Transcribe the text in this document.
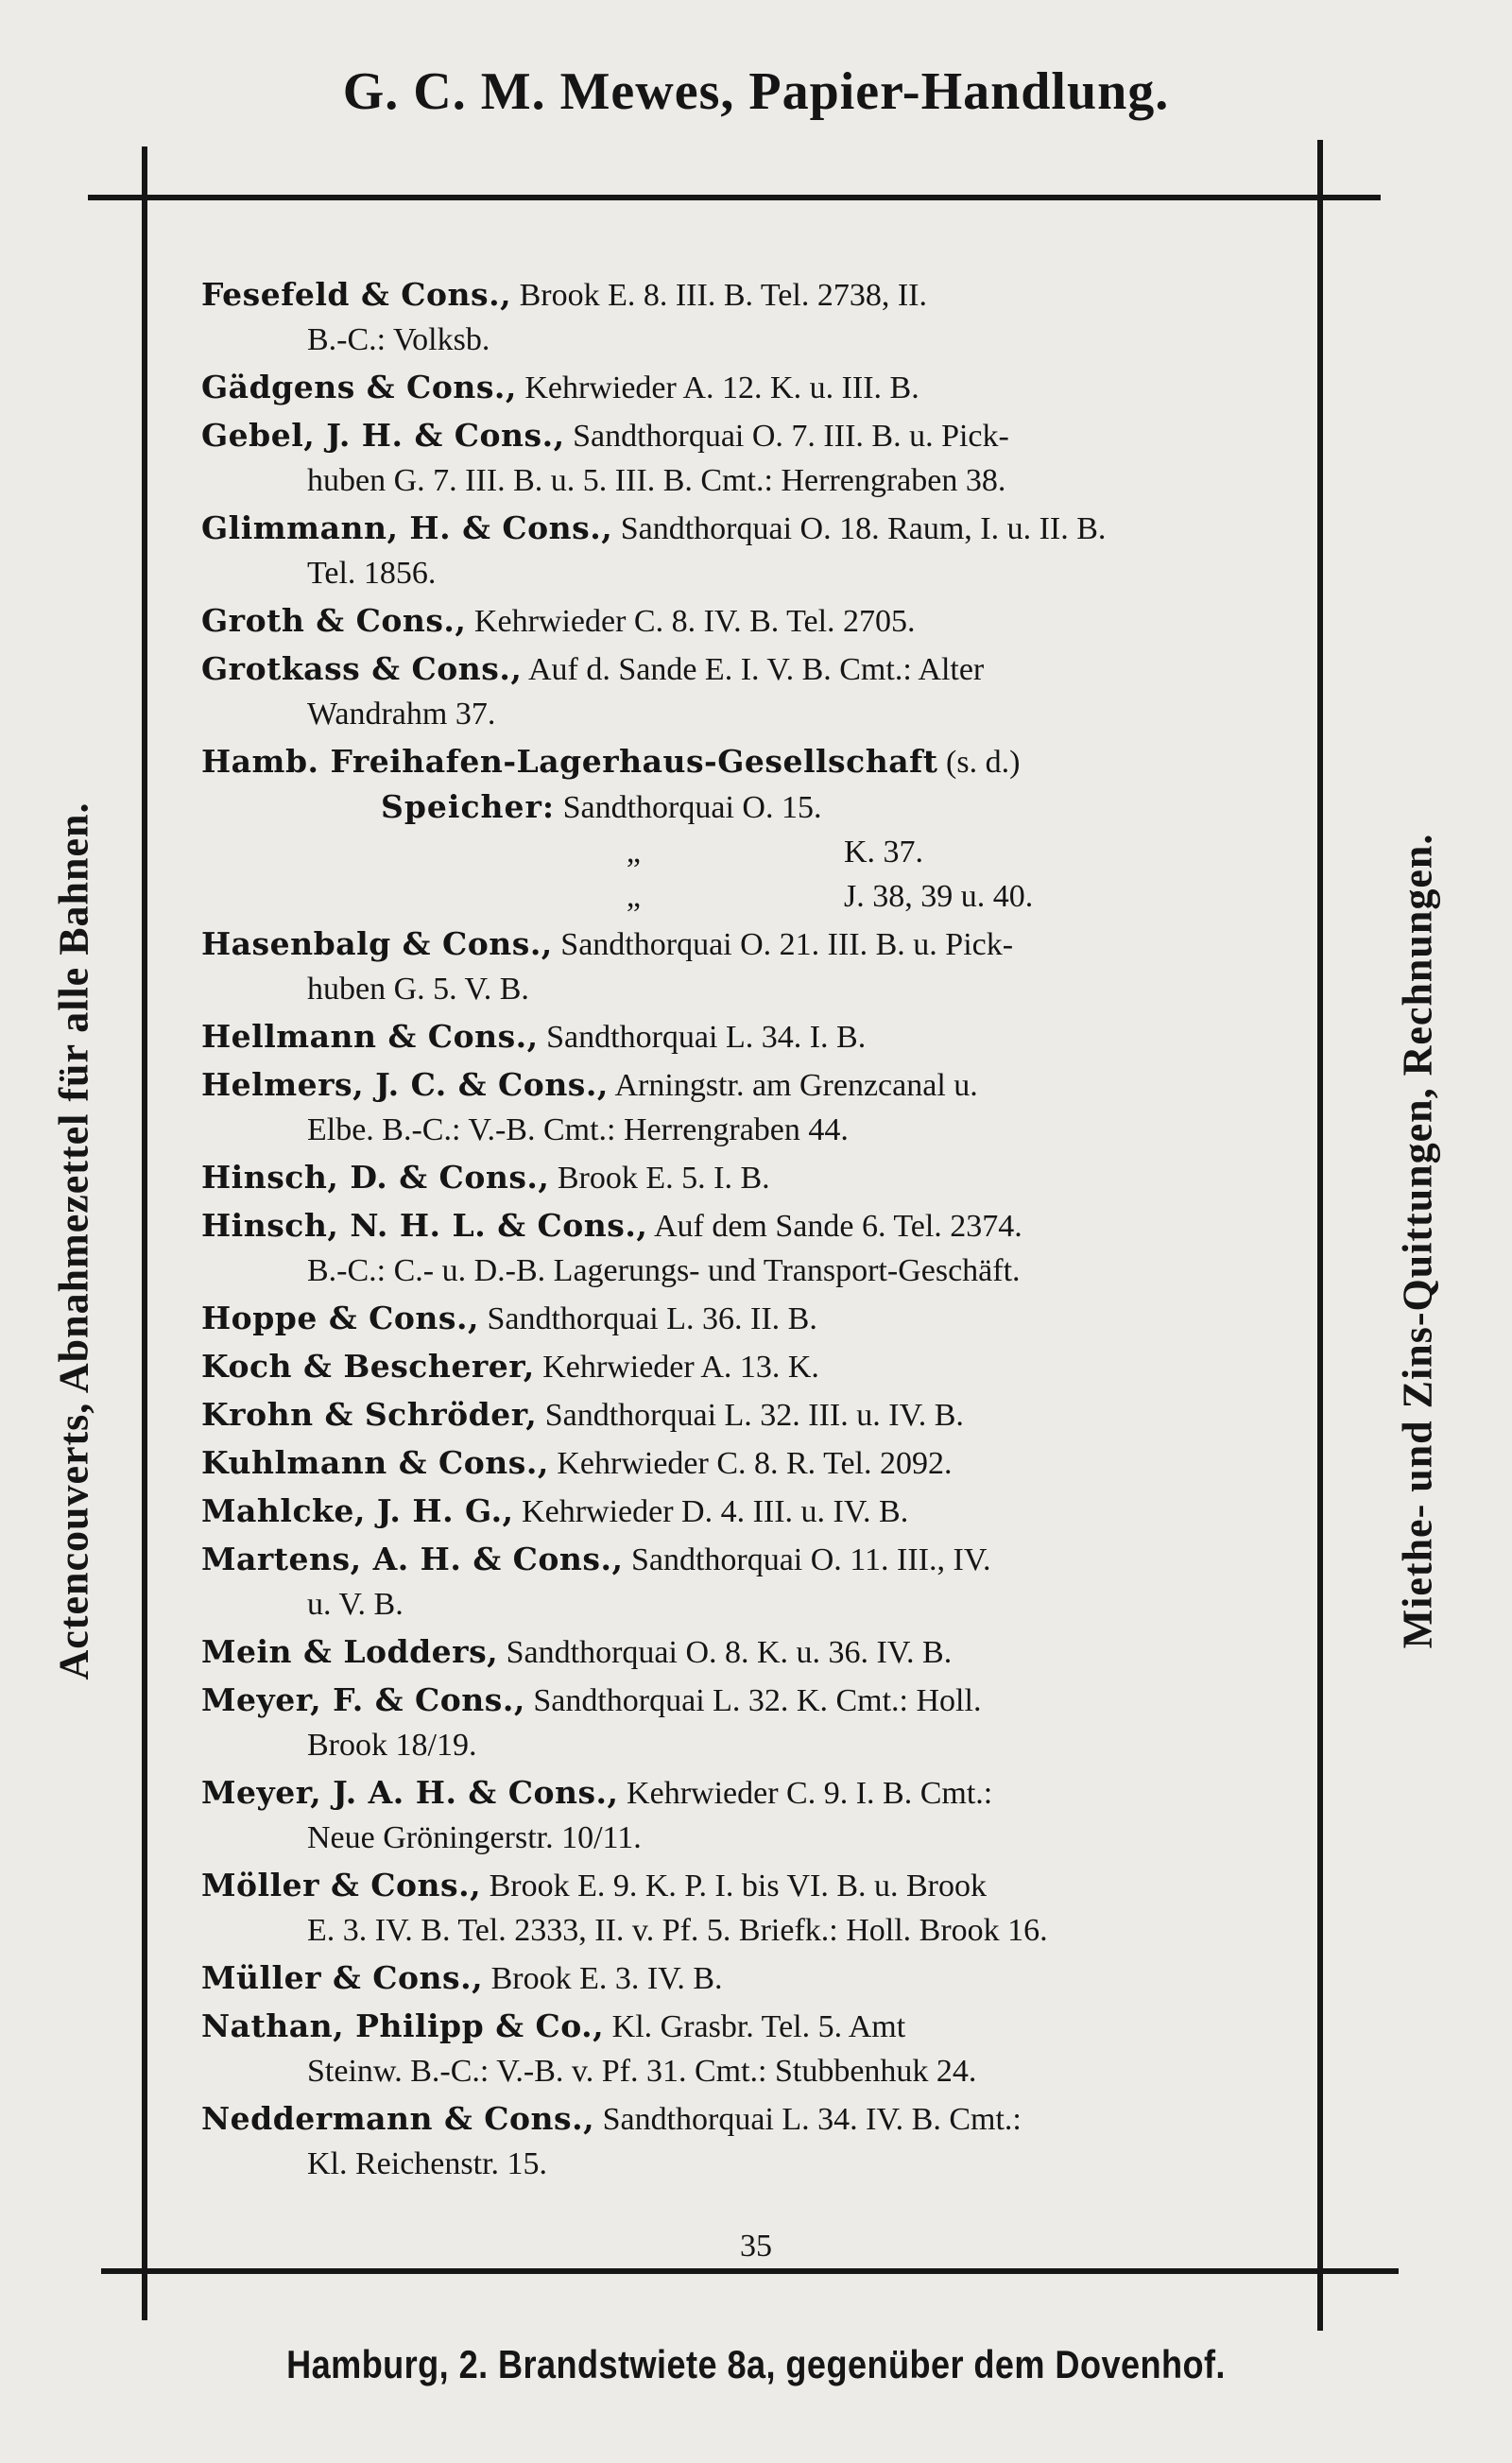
G. C. M. Mewes, Papier-Handlung.
Actencouverts, Abnahmezettel für alle Bahnen.	Miethe- und Zins-Quittungen, Rechnungen.
Fesefeld & Cons., Brook E. 8. III. B. Tel. 2738, II.
B.-C.: Volksb.
Gädgens & Cons., Kehrwieder A. 12. K. u. III. B.
Gebel, J. H. & Cons., Sandthorquai O. 7. III. B. u. Pick-
huben G. 7. III. B. u. 5. III. B. Cmt.: Herrengraben 38.
Glimmann, H. & Cons., Sandthorquai O. 18. Raum, I. u. II. B.
Tel. 1856.
Groth & Cons., Kehrwieder C. 8. IV. B. Tel. 2705.
Grotkass & Cons., Auf d. Sande E. I. V. B. Cmt.: Alter
Wandrahm 37.
Hamb. Freihafen-Lagerhaus-Gesellschaft (s. d.)
Speicher: Sandthorquai O. 15.
„	K. 37.
„	J. 38, 39 u. 40.
Hasenbalg & Cons., Sandthorquai O. 21. III. B. u. Pick-
huben G. 5. V. B.
Hellmann & Cons., Sandthorquai L. 34. I. B.
Helmers, J. C. & Cons., Arningstr. am Grenzcanal u.
Elbe. B.-C.: V.-B. Cmt.: Herrengraben 44.
Hinsch, D. & Cons., Brook E. 5. I. B.
Hinsch, N. H. L. & Cons., Auf dem Sande 6. Tel. 2374.
B.-C.: C.- u. D.-B. Lagerungs- und Transport-Geschäft.
Hoppe & Cons., Sandthorquai L. 36. II. B.
Koch & Bescherer, Kehrwieder A. 13. K.
Krohn & Schröder, Sandthorquai L. 32. III. u. IV. B.
Kuhlmann & Cons., Kehrwieder C. 8. R. Tel. 2092.
Mahlcke, J. H. G., Kehrwieder D. 4. III. u. IV. B.
Martens, A. H. & Cons., Sandthorquai O. 11. III., IV.
u. V. B.
Mein & Lodders, Sandthorquai O. 8. K. u. 36. IV. B.
Meyer, F. & Cons., Sandthorquai L. 32. K. Cmt.: Holl.
Brook 18/19.
Meyer, J. A. H. & Cons., Kehrwieder C. 9. I. B. Cmt.:
Neue Gröningerstr. 10/11.
Möller & Cons., Brook E. 9. K. P. I. bis VI. B. u. Brook
E. 3. IV. B. Tel. 2333, II. v. Pf. 5. Briefk.: Holl. Brook 16.
Müller & Cons., Brook E. 3. IV. B.
Nathan, Philipp & Co., Kl. Grasbr. Tel. 5. Amt
Steinw. B.-C.: V.-B. v. Pf. 31. Cmt.: Stubbenhuk 24.
Neddermann & Cons., Sandthorquai L. 34. IV. B. Cmt.:
Kl. Reichenstr. 15.
35
Hamburg, 2. Brandstwiete 8a, gegenüber dem Dovenhof.
